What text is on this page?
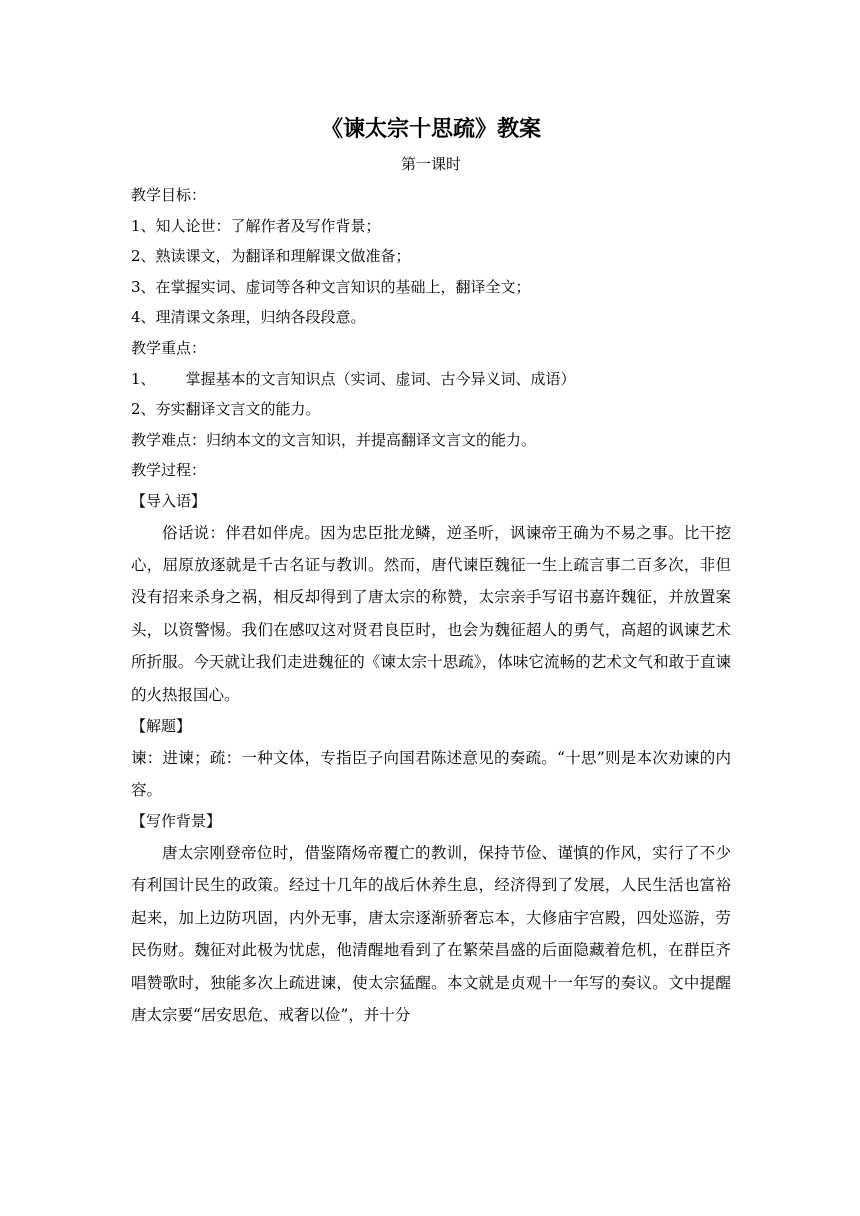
《谏太宗十思疏》教案

第一课时

教学目标：

1、知人论世：了解作者及写作背景；

2、熟读课文，为翻译和理解课文做准备；

3、在掌握实词、虚词等各种文言知识的基础上，翻译全文；

4、理清课文条理，归纳各段段意。

教学重点：

1、 掌握基本的文言知识点（实词、虚词、古今异义词、成语）

2、夯实翻译文言文的能力。

教学难点：归纳本文的文言知识，并提高翻译文言文的能力。

教学过程：

【导入语】

俗话说：伴君如伴虎。因为忠臣批龙鳞，逆圣听，讽谏帝王确为不易之事。比干挖心，屈原放逐就是千古名证与教训。然而，唐代谏臣魏征一生上疏言事二百多次，非但没有招来杀身之祸，相反却得到了唐太宗的称赞，太宗亲手写诏书嘉许魏征，并放置案头，以资警惕。我们在感叹这对贤君良臣时，也会为魏征超人的勇气，高超的讽谏艺术所折服。今天就让我们走进魏征的《谏太宗十思疏》，体味它流畅的艺术文气和敢于直谏的火热报国心。

【解题】

谏：进谏；疏：一种文体，专指臣子向国君陈述意见的奏疏。“十思”则是本次劝谏的内容。

【写作背景】

唐太宗刚登帝位时，借鉴隋炀帝覆亡的教训，保持节俭、谨慎的作风，实行了不少有利国计民生的政策。经过十几年的战后休养生息，经济得到了发展，人民生活也富裕起来，加上边防巩固，内外无事，唐太宗逐渐骄奢忘本，大修庙宇宫殿，四处巡游，劳民伤财。魏征对此极为忧虑，他清醒地看到了在繁荣昌盛的后面隐藏着危机，在群臣齐唱赞歌时，独能多次上疏进谏，使太宗猛醒。本文就是贞观十一年写的奏议。文中提醒唐太宗要“居安思危、戒奢以俭”，并十分
